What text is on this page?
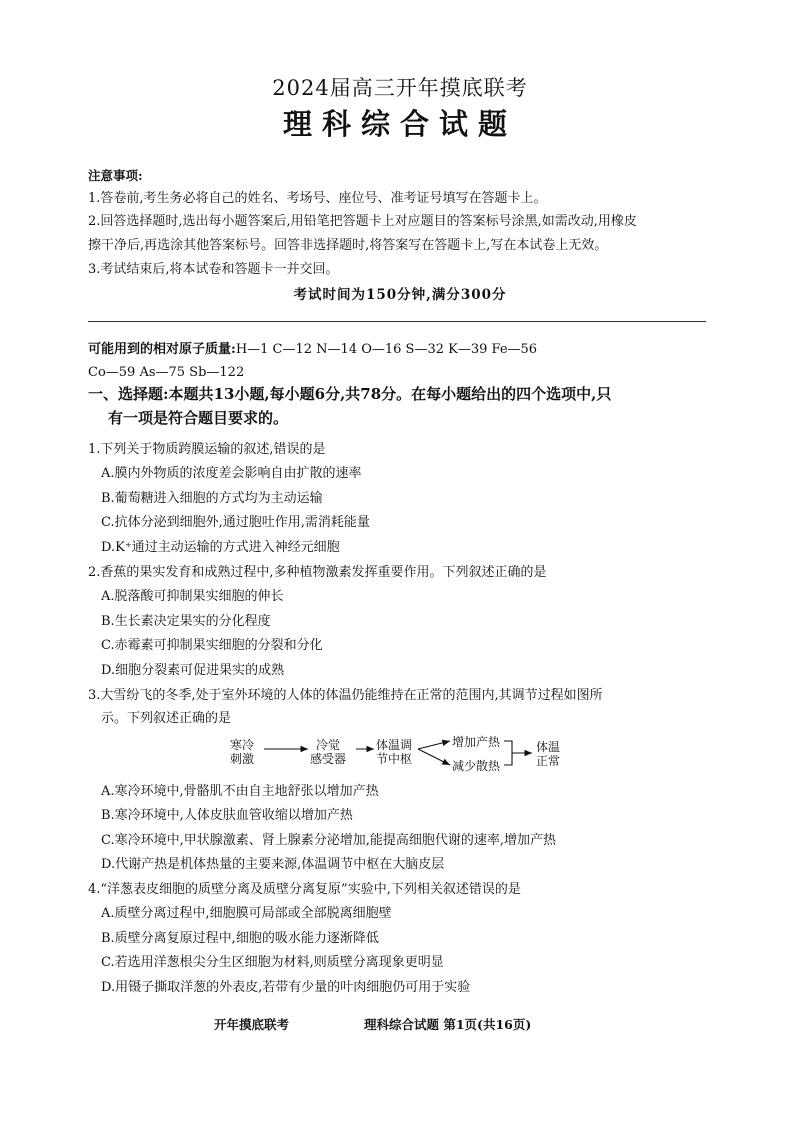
2024届高三开年摸底联考
理科综合试题
注意事项:
1.答卷前,考生务必将自己的姓名、考场号、座位号、准考证号填写在答题卡上。
2.回答选择题时,选出每小题答案后,用铅笔把答题卡上对应题目的答案标号涂黑,如需改动,用橡皮
擦干净后,再选涂其他答案标号。回答非选择题时,将答案写在答题卡上,写在本试卷上无效。
3.考试结束后,将本试卷和答题卡一并交回。
考试时间为150分钟,满分300分
可能用到的相对原子质量:H—1 C—12 N—14 O—16 S—32 K—39 Fe—56
Co—59 As—75 Sb—122
一、选择题:本题共13小题,每小题6分,共78分。在每小题给出的四个选项中,只
有一项是符合题目要求的。
1.下列关于物质跨膜运输的叙述,错误的是
A.膜内外物质的浓度差会影响自由扩散的速率
B.葡萄糖进入细胞的方式均为主动运输
C.抗体分泌到细胞外,通过胞吐作用,需消耗能量
D.K⁺通过主动运输的方式进入神经元细胞
2.香蕉的果实发育和成熟过程中,多种植物激素发挥重要作用。下列叙述正确的是
A.脱落酸可抑制果实细胞的伸长
B.生长素决定果实的分化程度
C.赤霉素可抑制果实细胞的分裂和分化
D.细胞分裂素可促进果实的成熟
3.大雪纷飞的冬季,处于室外环境的人体的体温仍能维持在正常的范围内,其调节过程如图所
示。下列叙述正确的是
寒冷
刺激
冷觉
感受器
体温调
节中枢
增加产热
减少散热
体温
正常
A.寒冷环境中,骨骼肌不由自主地舒张以增加产热
B.寒冷环境中,人体皮肤血管收缩以增加产热
C.寒冷环境中,甲状腺激素、肾上腺素分泌增加,能提高细胞代谢的速率,增加产热
D.代谢产热是机体热量的主要来源,体温调节中枢在大脑皮层
4.“洋葱表皮细胞的质壁分离及质壁分离复原”实验中,下列相关叙述错误的是
A.质壁分离过程中,细胞膜可局部或全部脱离细胞壁
B.质壁分离复原过程中,细胞的吸水能力逐渐降低
C.若选用洋葱根尖分生区细胞为材料,则质壁分离现象更明显
D.用镊子撕取洋葱的外表皮,若带有少量的叶肉细胞仍可用于实验
开年摸底联考	理科综合试题 第1页(共16页)
